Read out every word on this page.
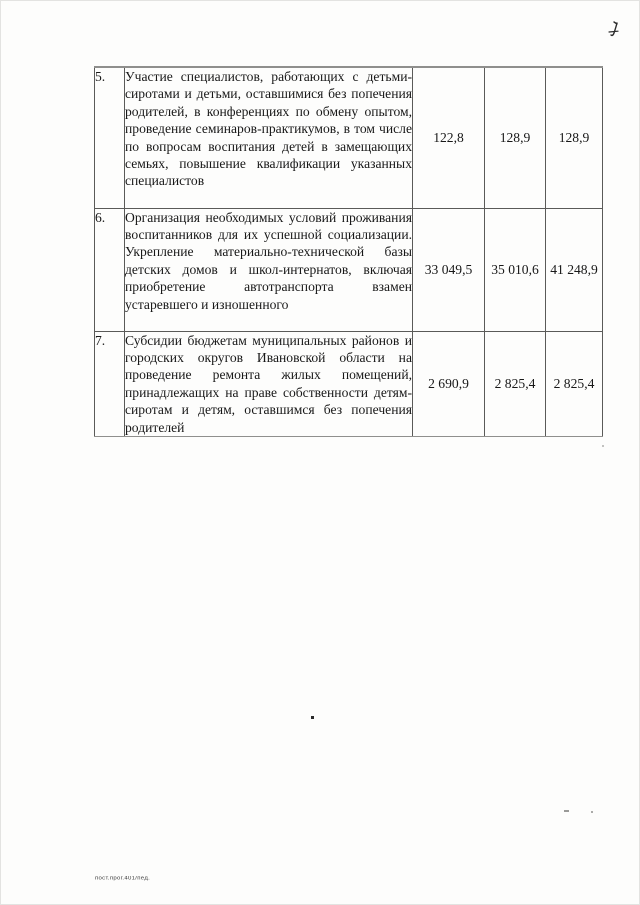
5.	Участие специалистов, работающих с детьми-сиротами и детьми, оставшимися без попечения родителей, в конференциях по обмену опытом, проведение семинаров-практикумов, в том числе по вопросам воспитания детей в замещающих семьях, повышение квалификации указанных специалистов	122,8	128,9	128,9
6.	Организация необходимых условий проживания воспитанников для их успешной социализации. Укрепление материально-технической базы детских домов и школ-интернатов, включая приобретение автотранспорта взамен устаревшего и изношенного	33 049,5	35 010,6	41 248,9
7.	Субсидии бюджетам муниципальных районов и городских округов Ивановской области на проведение ремонта жилых помещений, принадлежащих на праве собственности детям-сиротам и детям, оставшимся без попечения родителей	2 690,9	2 825,4	2 825,4
пост.прог.401/пед.
